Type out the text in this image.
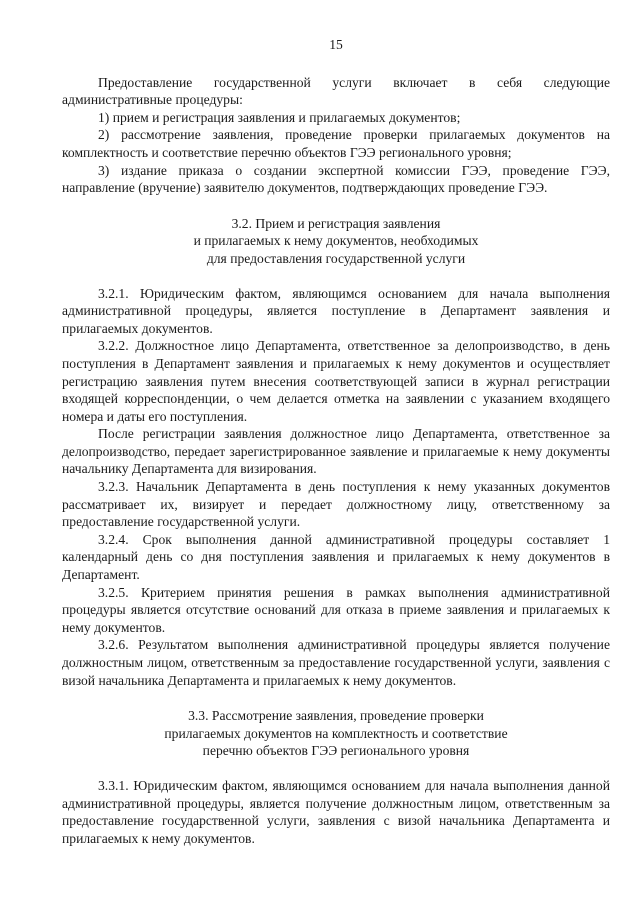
15

Предоставление государственной услуги включает в себя следующие административные процедуры:

1) прием и регистрация заявления и прилагаемых документов;

2) рассмотрение заявления, проведение проверки прилагаемых документов на комплектность и соответствие перечню объектов ГЭЭ регионального уровня;

3) издание приказа о создании экспертной комиссии ГЭЭ, проведение ГЭЭ, направление (вручение) заявителю документов, подтверждающих проведение ГЭЭ.

3.2. Прием и регистрация заявления
и прилагаемых к нему документов, необходимых
для предоставления государственной услуги

3.2.1. Юридическим фактом, являющимся основанием для начала выполнения административной процедуры, является поступление в Департамент заявления и прилагаемых документов.

3.2.2. Должностное лицо Департамента, ответственное за делопроизводство, в день поступления в Департамент заявления и прилагаемых к нему документов и осуществляет регистрацию заявления путем внесения соответствующей записи в журнал регистрации входящей корреспонденции, о чем делается отметка на заявлении с указанием входящего номера и даты его поступления.

После регистрации заявления должностное лицо Департамента, ответственное за делопроизводство, передает зарегистрированное заявление и прилагаемые к нему документы начальнику Департамента для визирования.

3.2.3. Начальник Департамента в день поступления к нему указанных документов рассматривает их, визирует и передает должностному лицу, ответственному за предоставление государственной услуги.

3.2.4. Срок выполнения данной административной процедуры составляет 1 календарный день со дня поступления заявления и прилагаемых к нему документов в Департамент.

3.2.5. Критерием принятия решения в рамках выполнения административной процедуры является отсутствие оснований для отказа в приеме заявления и прилагаемых к нему документов.

3.2.6. Результатом выполнения административной процедуры является получение должностным лицом, ответственным за предоставление государственной услуги, заявления с визой начальника Департамента и прилагаемых к нему документов.

3.3. Рассмотрение заявления, проведение проверки
прилагаемых документов на комплектность и соответствие
перечню объектов ГЭЭ регионального уровня

3.3.1. Юридическим фактом, являющимся основанием для начала выполнения данной административной процедуры, является получение должностным лицом, ответственным за предоставление государственной услуги, заявления с визой начальника Департамента и прилагаемых к нему документов.
